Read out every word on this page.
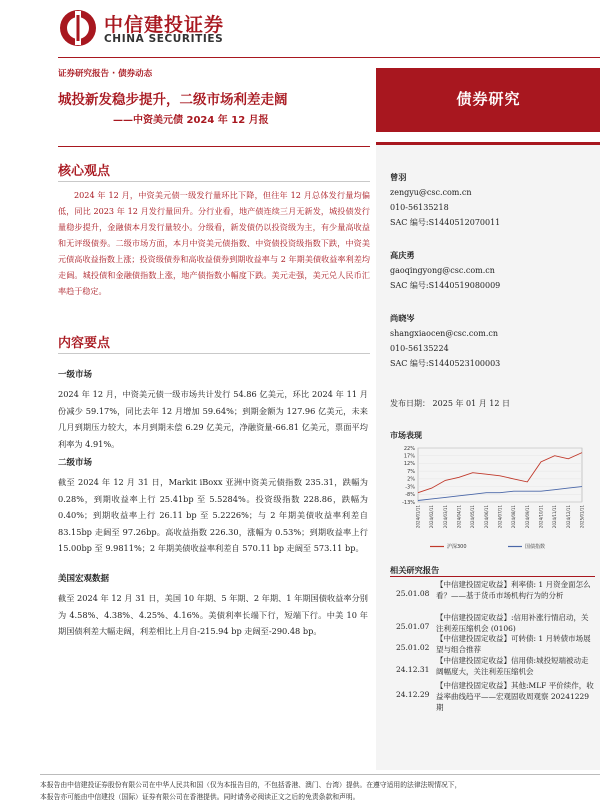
中信建投证券
CHINA SECURITIES
证券研究报告 · 债券动态
城投新发稳步提升，二级市场利差走阔
——中资美元债 2024 年 12 月报
债券研究
核心观点
2024 年 12 月，中资美元债一级发行量环比下降，但往年 12 月总体发行量均偏低，同比 2023 年 12 月发行量回升。分行业看，地产债连续三月无新发，城投债发行量稳步提升，金融债本月发行量较小。分级看，新发债仍以投资级为主，有少量高收益和无评级债券。二级市场方面，本月中资美元债指数、中资债投资级指数下跌，中资美元债高收益指数上涨；投资级债券和高收益债券到期收益率与 2 年期美债收益率利差均走阔。城投债和金融债指数上涨，地产债指数小幅度下跌。美元走强，美元兑人民币汇率趋于稳定。
内容要点
一级市场
2024 年 12 月，中资美元债一级市场共计发行 54.86 亿美元，环比 2024 年 11 月份减少 59.17%，同比去年 12 月增加 59.64%；到期金额为 127.96 亿美元，未来几月到期压力较大，本月到期未偿 6.29 亿美元，净融资量-66.81 亿美元，票面平均利率为 4.91%。
二级市场
截至 2024 年 12 月 31 日，Markit iBoxx 亚洲中资美元债指数 235.31，跌幅为 0.28%，到期收益率上行 25.41bp 至 5.5284%。投资级指数 228.86，跌幅为 0.40%；到期收益率上行 26.11 bp 至 5.2226%；与 2 年期美债收益率利差自 83.15bp 走阔至 97.26bp。高收益指数 226.30，涨幅为 0.53%；到期收益率上行 15.00bp 至 9.9811%；2 年期美债收益率利差自 570.11 bp 走阔至 573.11 bp。
美国宏观数据
截至 2024 年 12 月 31 日，美国 10 年期、5 年期、2 年期、1 年期国债收益率分别为 4.58%、4.38%、4.25%、4.16%。美债利率长端下行，短端下行。中美 10 年期国债利差大幅走阔，利差相比上月自-215.94 bp 走阔至-290.48 bp。
曾羽
zengyu@csc.com.cn
010-56135218
SAC 编号:S1440512070011
高庆勇
gaoqingyong@csc.com.cn
SAC 编号:S1440519080009
尚晓岑
shangxiaocen@csc.com.cn
010-56135224
SAC 编号:S1440523100003
发布日期： 2025 年 01 月 12 日
市场表现
22%
17%
12%
7%
2%
-3%
-8%
-13%
2024/01/11 2024/02/11 2024/03/11 2024/04/11 2024/05/11 2024/06/11 2024/07/11 2024/08/11 2024/09/11 2024/10/11 2024/11/11 2024/12/11 2025/01/11
沪深300	国债指数
相关研究报告
25.01.08
【中信建投固定收益】利率债: 1 月资金面怎么看？——基于货币市场机构行为的分析
25.01.07
【中信建投固定收益】:信用补涨行情启动，关注利差压缩机会 (0106)
25.01.02
【中信建投固定收益】可转债: 1 月转债市场展望与组合推荐
24.12.31
【中信建投固定收益】信用债:城投短端被动走阔幅度大，关注利差压缩机会
24.12.29
【中信建投固定收益】其他:MLF 平价续作，收益率曲线趋平——宏观固收周观察 20241229 期
本报告由中信建投证券股份有限公司在中华人民共和国（仅为本报告目的，不包括香港、澳门、台湾）提供。在遵守适用的法律法规情况下，
本报告亦可能由中信建投（国际）证券有限公司在香港提供。同时请务必阅读正文之后的免责条款和声明。
